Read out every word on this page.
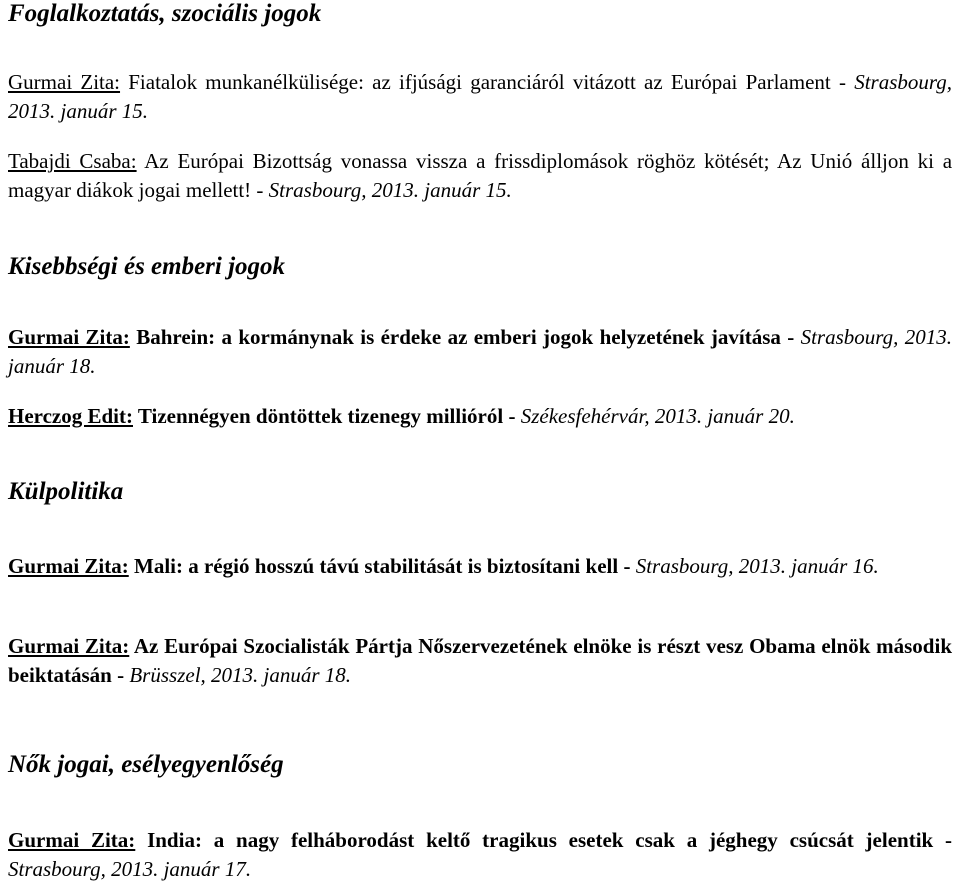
Foglalkoztatás, szociális jogok
Gurmai Zita: Fiatalok munkanélkülisége: az ifjúsági garanciáról vitázott az Európai Parlament - Strasbourg, 2013. január 15.
Tabajdi Csaba: Az Európai Bizottság vonassa vissza a frissdiplomások röghöz kötését; Az Unió álljon ki a magyar diákok jogai mellett! - Strasbourg, 2013. január 15.
Kisebbségi és emberi jogok
Gurmai Zita: Bahrein: a kormánynak is érdeke az emberi jogok helyzetének javítása - Strasbourg, 2013. január 18.
Herczog Edit: Tizennégyen döntöttek tizenegy millióról - Székesfehérvár, 2013. január 20.
Külpolitika
Gurmai Zita: Mali: a régió hosszú távú stabilitását is biztosítani kell - Strasbourg, 2013. január 16.
Gurmai Zita: Az Európai Szocialisták Pártja Nőszervezetének elnöke is részt vesz Obama elnök második beiktatásán - Brüsszel, 2013. január 18.
Nők jogai, esélyegyenlőség
Gurmai Zita: India: a nagy felháborodást keltő tragikus esetek csak a jéghegy csúcsát jelentik - Strasbourg, 2013. január 17.
